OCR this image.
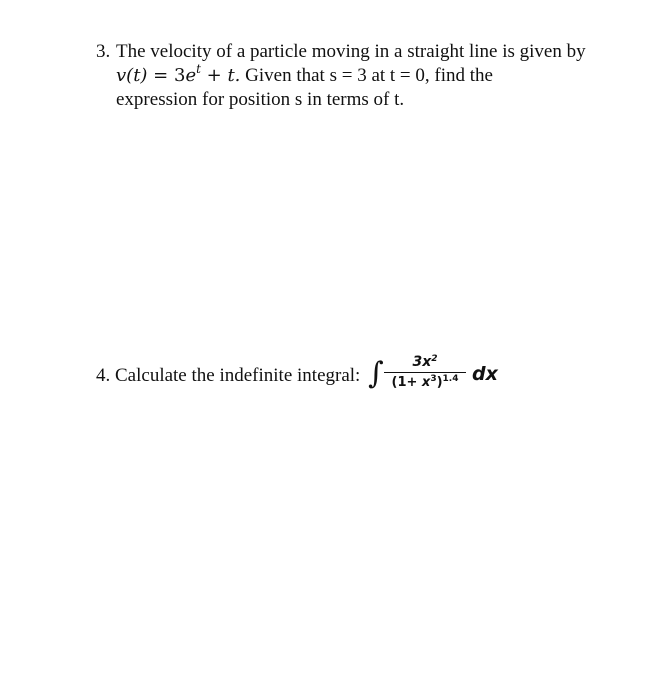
3. The velocity of a particle moving in a straight line is given by
$v(t) = 3e^t + t$. Given that s = 3 at t = 0, find the
expression for position s in terms of t.
4. Calculate the indefinite integral: ∫	$3x^2$
$(1+ x^3)^{1.4}$ dx
